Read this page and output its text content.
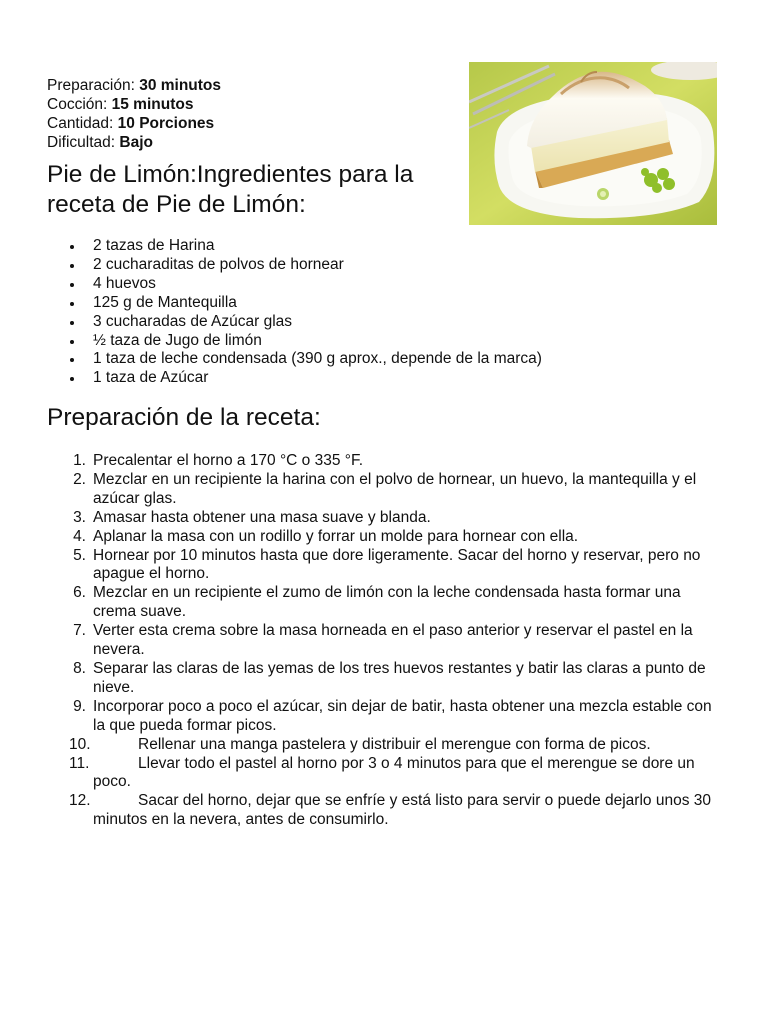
Preparación: 30 minutos
Cocción: 15 minutos
Cantidad: 10 Porciones
Dificultad: Bajo
Pie de Limón:Ingredientes para la receta de Pie de Limón:
2 tazas de Harina
2 cucharaditas de polvos de hornear
4 huevos
125 g de Mantequilla
3 cucharadas de Azúcar glas
½ taza de Jugo de limón
1 taza de leche condensada (390 g aprox., depende de la marca)
1 taza de Azúcar
Preparación de la receta:
1. Precalentar el horno a 170 °C o 335 °F.
2. Mezclar en un recipiente la harina con el polvo de hornear, un huevo, la mantequilla y el azúcar glas.
3. Amasar hasta obtener una masa suave y blanda.
4. Aplanar la masa con un rodillo y forrar un molde para hornear con ella.
5. Hornear por 10 minutos hasta que dore ligeramente. Sacar del horno y reservar, pero no apague el horno.
6. Mezclar en un recipiente el zumo de limón con la leche condensada hasta formar una crema suave.
7. Verter esta crema sobre la masa horneada en el paso anterior y reservar el pastel en la nevera.
8. Separar las claras de las yemas de los tres huevos restantes y batir las claras a punto de nieve.
9. Incorporar poco a poco el azúcar, sin dejar de batir, hasta obtener una mezcla estable con la que pueda formar picos.
10.	Rellenar una manga pastelera y distribuir el merengue con forma de picos.
11.	Llevar todo el pastel al horno por 3 o 4 minutos para que el merengue se dore un poco.
12.	Sacar del horno, dejar que se enfríe y está listo para servir o puede dejarlo unos 30 minutos en la nevera, antes de consumirlo.
